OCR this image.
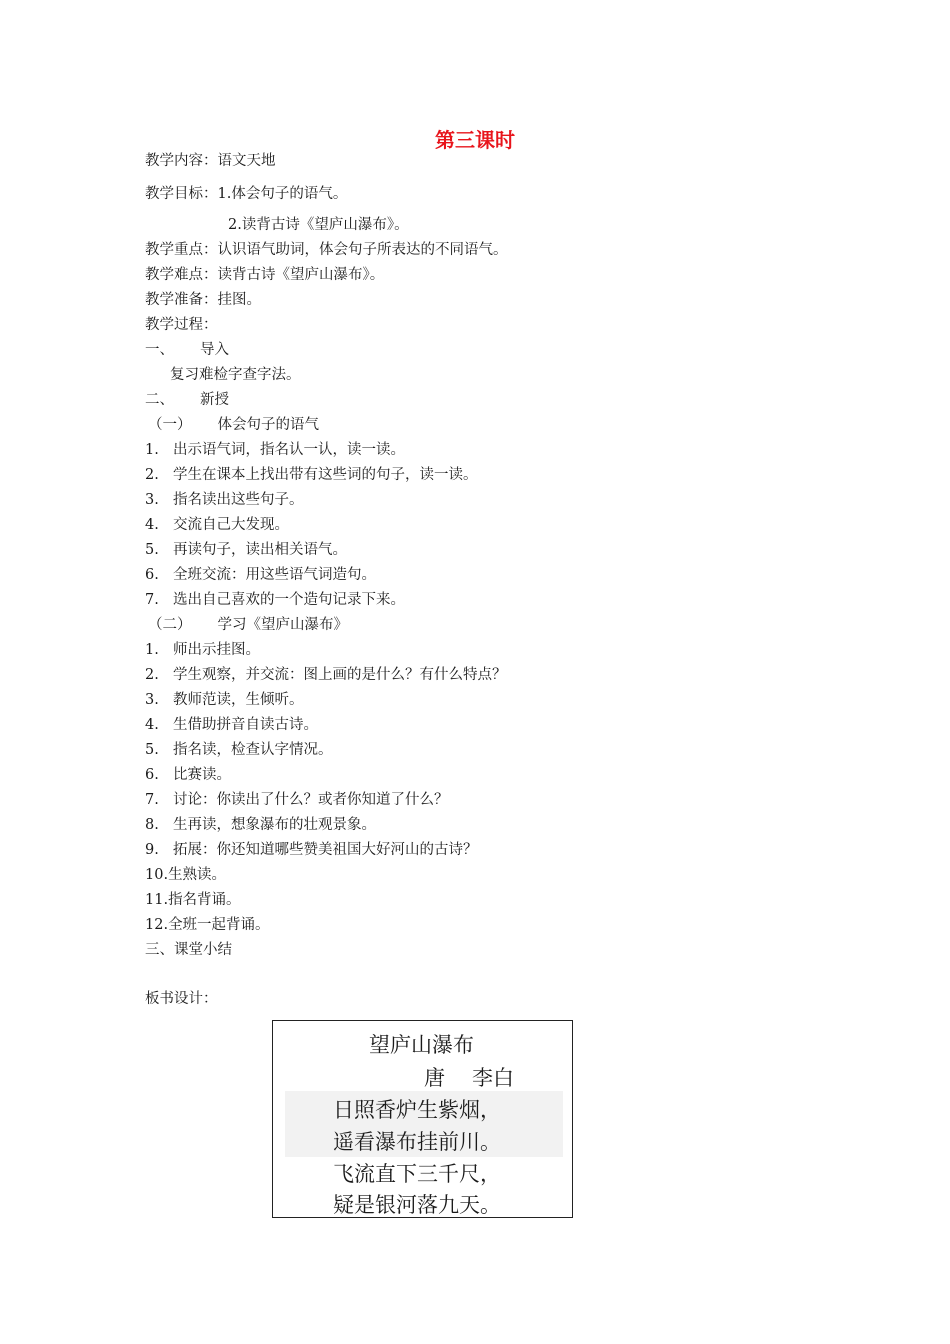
第三课时
教学内容：语文天地
教学目标：1.体会句子的语气。
2.读背古诗《望庐山瀑布》。
教学重点：认识语气助词，体会句子所表达的不同语气。
教学难点：读背古诗《望庐山瀑布》。
教学准备：挂图。
教学过程：
一、 导入
复习难检字查字法。
二、 新授
（一） 体会句子的语气
1. 出示语气词，指名认一认，读一读。
2. 学生在课本上找出带有这些词的句子，读一读。
3. 指名读出这些句子。
4. 交流自己大发现。
5. 再读句子，读出相关语气。
6. 全班交流：用这些语气词造句。
7. 选出自己喜欢的一个造句记录下来。
（二） 学习《望庐山瀑布》
1. 师出示挂图。
2. 学生观察，并交流：图上画的是什么？有什么特点？
3. 教师范读，生倾听。
4. 生借助拼音自读古诗。
5. 指名读，检查认字情况。
6. 比赛读。
7. 讨论：你读出了什么？或者你知道了什么？
8. 生再读，想象瀑布的壮观景象。
9. 拓展：你还知道哪些赞美祖国大好河山的古诗？
10.生熟读。
11.指名背诵。
12.全班一起背诵。
三、课堂小结
板书设计：
望庐山瀑布
唐 李白
日照香炉生紫烟，
遥看瀑布挂前川。
飞流直下三千尺，
疑是银河落九天。
